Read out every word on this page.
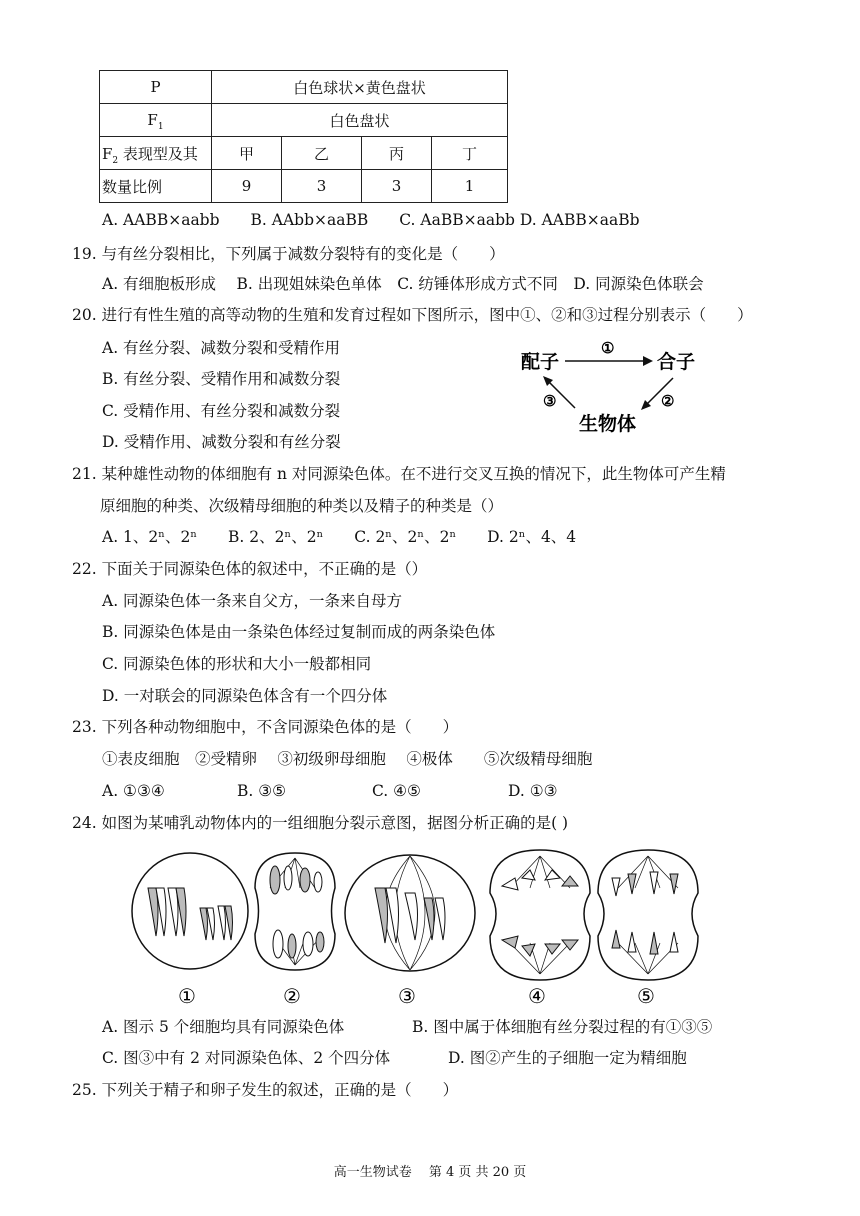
P	白色球状×黄色盘状			
$F_1$	白色盘状			
$F_2$ 表现型及其	甲	乙	丙	丁
数量比例	9	3	3	1
A. AABB×aabb　　B. AAbb×aaBB　　C. AaBB×aabb D. AABB×aaBb
19. 与有丝分裂相比，下列属于减数分裂特有的变化是（　　）
A. 有细胞板形成　 B. 出现姐妹染色单体　C. 纺锤体形成方式不同　D. 同源染色体联会
20. 进行有性生殖的高等动物的生殖和发育过程如下图所示，图中①、②和③过程分别表示（　　）
A. 有丝分裂、减数分裂和受精作用
B. 有丝分裂、受精作用和减数分裂
C. 受精作用、有丝分裂和减数分裂
D. 受精作用、减数分裂和有丝分裂
配子	合子
生物体
①
②
③
21. 某种雄性动物的体细胞有 n 对同源染色体。在不进行交叉互换的情况下，此生物体可产生精
原细胞的种类、次级精母细胞的种类以及精子的种类是（）
A. 1、2ⁿ、2ⁿ　　B. 2、2ⁿ、2ⁿ　　C. 2ⁿ、2ⁿ、2ⁿ　　D. 2ⁿ、4、4
22. 下面关于同源染色体的叙述中，不正确的是（）
A. 同源染色体一条来自父方，一条来自母方
B. 同源染色体是由一条染色体经过复制而成的两条染色体
C. 同源染色体的形状和大小一般都相同
D. 一对联会的同源染色体含有一个四分体
23. 下列各种动物细胞中，不含同源染色体的是（　　）
①表皮细胞　②受精卵　 ③初级卵母细胞　 ④极体　　⑤次级精母细胞
A. ①③④	B. ③⑤	C. ④⑤	D. ①③
24. 如图为某哺乳动物体内的一组细胞分裂示意图，据图分析正确的是( )
①	②	③	④	⑤
A. 图示 5 个细胞均具有同源染色体	B. 图中属于体细胞有丝分裂过程的有①③⑤
C. 图③中有 2 对同源染色体、2 个四分体	D. 图②产生的子细胞一定为精细胞
25. 下列关于精子和卵子发生的叙述，正确的是（　　）
高一生物试卷　 第 4 页 共 20 页
